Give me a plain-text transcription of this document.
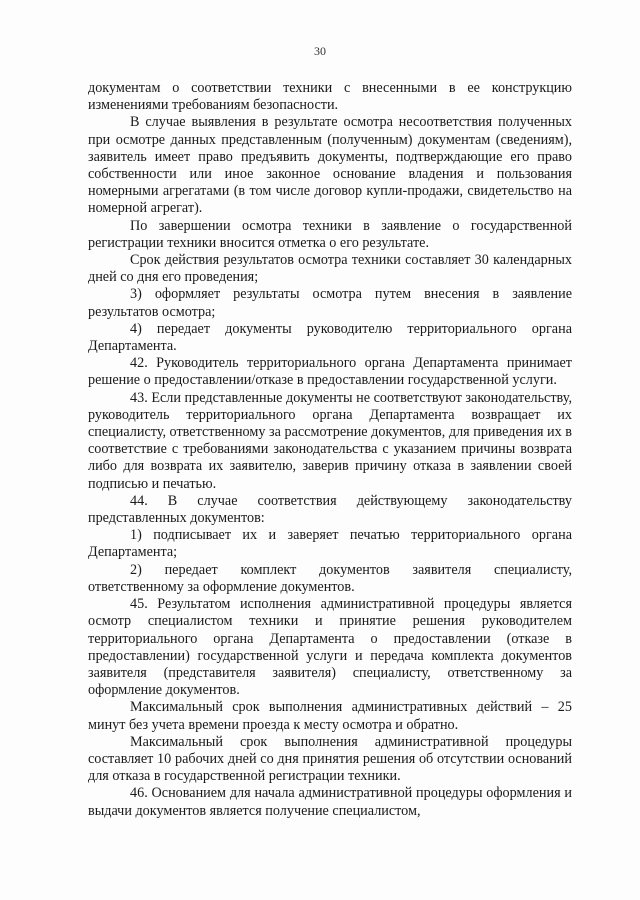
30

документам о соответствии техники с внесенными в ее конструкцию изменениями требованиям безопасности.

В случае выявления в результате осмотра несоответствия полученных при осмотре данных представленным (полученным) документам (сведениям), заявитель имеет право предъявить документы, подтверждающие его право собственности или иное законное основание владения и пользования номерными агрегатами (в том числе договор купли-продажи, свидетельство на номерной агрегат).

По завершении осмотра техники в заявление о государственной регистрации техники вносится отметка о его результате.

Срок действия результатов осмотра техники составляет 30 календарных дней со дня его проведения;

3) оформляет результаты осмотра путем внесения в заявление результатов осмотра;

4) передает документы руководителю территориального органа Департамента.

42. Руководитель территориального органа Департамента принимает решение о предоставлении/отказе в предоставлении государственной услуги.

43. Если представленные документы не соответствуют законодательству, руководитель территориального органа Департамента возвращает их специалисту, ответственному за рассмотрение документов, для приведения их в соответствие с требованиями законодательства с указанием причины возврата либо для возврата их заявителю, заверив причину отказа в заявлении своей подписью и печатью.

44. В случае соответствия действующему законодательству представленных документов:

1) подписывает их и заверяет печатью территориального органа Департамента;

2) передает комплект документов заявителя специалисту, ответственному за оформление документов.

45. Результатом исполнения административной процедуры является осмотр специалистом техники и принятие решения руководителем территориального органа Департамента о предоставлении (отказе в предоставлении) государственной услуги и передача комплекта документов заявителя (представителя заявителя) специалисту, ответственному за оформление документов.

Максимальный срок выполнения административных действий – 25 минут без учета времени проезда к месту осмотра и обратно.

Максимальный срок выполнения административной процедуры составляет 10 рабочих дней со дня принятия решения об отсутствии оснований для отказа в государственной регистрации техники.

46. Основанием для начала административной процедуры оформления и выдачи документов является получение специалистом,
